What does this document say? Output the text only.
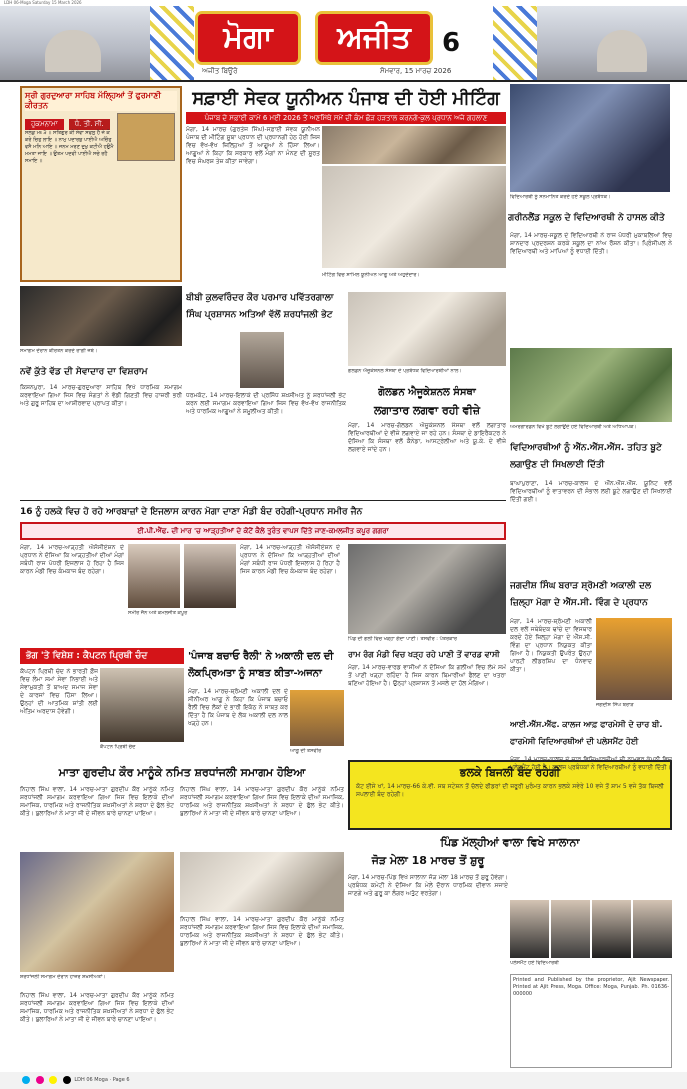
LDH 06-Moga Saturday 15 March 2026
ਮੋਗਾ	ਅਜੀਤ
ਅਜੀਤ ਬਿਊਰੋ	ਸੋਮਵਾਰ, 15 ਮਾਰਚ 2026
6
ਸ੍ਰੀ ਗੁਰਦੁਆਰਾ ਸਾਹਿਬ ਮੱਲ੍ਹਿਆਂ ਤੋਂ ਫੁਰਮਾਣੀ ਕੀਰਤਨ
ਹੁਕਮਨਾਮਾ ਧੰ. ਤੀ. ਸੀ.
ਸਲੋਕੁ ਮਃ ੩ ॥ ਸਤਿਗੁਰ ਕੀ ਸੇਵਾ ਸਫਲੁ ਹੈ ਜੇ ਕੋ ਕਰੇ ਚਿਤੁ ਲਾਇ ॥ ਨਾਮੁ ਪਦਾਰਥੁ ਪਾਈਐ ਅਚਿੰਤੁ ਵਸੈ ਮਨਿ ਆਇ ॥ ਜਨਮ ਮਰਣ ਦੁਖੁ ਕਟੀਐ ਹਉਮੈ ਮਮਤਾ ਜਾਇ ॥ ਉਤਮ ਪਦਵੀ ਪਾਈਐ ਸਚੇ ਰਹੈ ਸਮਾਇ ॥
ਸਫ਼ਾਈ ਸੇਵਕ ਯੂਨੀਅਨ ਪੰਜਾਬ ਦੀ ਹੋਈ ਮੀਟਿੰਗ
ਪੰਜਾਬ ਦੇ ਸਫ਼ਾਈ ਕਾਮੇ 6 ਮਈ 2026 ਤੋਂ ਅਣਮਿੱਥੇ ਸਮੇਂ ਦੀ ਕੰਮ ਛੋੜ ਹੜਤਾਲ ਕਰਨਗੇ-ਕੁਲ ਪ੍ਰਧਾਨ ਅਜੇ ਗਹਲਾਣ
ਮੋਗਾ, 14 ਮਾਰਚ (ਗੁਰਤੇਜ ਸਿੰਘ)-ਸਫ਼ਾਈ ਸੇਵਕ ਯੂਨੀਅਨ ਪੰਜਾਬ ਦੀ ਮੀਟਿੰਗ ਸੂਬਾ ਪ੍ਰਧਾਨ ਦੀ ਪ੍ਰਧਾਨਗੀ ਹੇਠ ਹੋਈ ਜਿਸ ਵਿਚ ਵੱਖ-ਵੱਖ ਜ਼ਿਲ੍ਹਿਆਂ ਤੋਂ ਆਗੂਆਂ ਨੇ ਹਿੱਸਾ ਲਿਆ। ਆਗੂਆਂ ਨੇ ਕਿਹਾ ਕਿ ਸਰਕਾਰ ਵਲੋਂ ਮੰਗਾਂ ਨਾ ਮੰਨਣ ਦੀ ਸੂਰਤ ਵਿਚ ਸੰਘਰਸ਼ ਤੇਜ਼ ਕੀਤਾ ਜਾਵੇਗਾ।
ਮੀਟਿੰਗ ਵਿਚ ਸ਼ਾਮਿਲ ਯੂਨੀਅਨ ਆਗੂ ਅਤੇ ਅਹੁਦੇਦਾਰ।
ਵਿਦਿਆਰਥੀ ਨੂੰ ਸਨਮਾਨਿਤ ਕਰਦੇ ਹੋਏ ਸਕੂਲ ਪ੍ਰਬੰਧਕ।
ਗਰੀਨਲੈਂਡ ਸਕੂਲ ਦੇ ਵਿਦਿਆਰਥੀ ਨੇ ਹਾਸਲ ਕੀਤੇ
ਮੋਗਾ, 14 ਮਾਰਚ-ਸਕੂਲ ਦੇ ਵਿਦਿਆਰਥੀ ਨੇ ਰਾਜ ਪੱਧਰੀ ਮੁਕਾਬਲਿਆਂ ਵਿਚ ਸ਼ਾਨਦਾਰ ਪ੍ਰਦਰਸ਼ਨ ਕਰਕੇ ਸਕੂਲ ਦਾ ਨਾਂਅ ਰੌਸ਼ਨ ਕੀਤਾ। ਪ੍ਰਿੰਸੀਪਲ ਨੇ ਵਿਦਿਆਰਥੀ ਅਤੇ ਮਾਪਿਆਂ ਨੂੰ ਵਧਾਈ ਦਿੱਤੀ।
ਸਮਾਗਮ ਦੌਰਾਨ ਕੀਰਤਨ ਕਰਦੇ ਰਾਗੀ ਜਥੇ।
ਨਵੇਂ ਕੁੱਤੇ ਵੱਡ ਦੀ ਸੇਵਾਦਾਰ ਦਾ ਵਿਸ਼ਰਾਮ
ਕਿਸ਼ਨਪੁਰਾ, 14 ਮਾਰਚ-ਗੁਰਦੁਆਰਾ ਸਾਹਿਬ ਵਿਖੇ ਧਾਰਮਿਕ ਸਮਾਗਮ ਕਰਵਾਇਆ ਗਿਆ ਜਿਸ ਵਿਚ ਸੰਗਤਾਂ ਨੇ ਵੱਡੀ ਗਿਣਤੀ ਵਿਚ ਹਾਜ਼ਰੀ ਭਰੀ ਅਤੇ ਗੁਰੂ ਸਾਹਿਬ ਦਾ ਆਸ਼ੀਰਵਾਦ ਪ੍ਰਾਪਤ ਕੀਤਾ।
ਬੀਬੀ ਕੁਲਵਰਿੰਦਰ ਕੌਰ ਪਰਮਾਰ ਪਵਿੱਤਰਗਾਲਾ ਸਿੰਘ ਪ੍ਰਸ਼ਾਸਨ ਅਤਿਆਂ ਵੱਲੋਂ ਸ਼ਰਧਾਂਜਲੀ ਭੇਟ
ਧਰਮਕੋਟ, 14 ਮਾਰਚ-ਇਲਾਕੇ ਦੀ ਪ੍ਰਸਿੱਧ ਸ਼ਖ਼ਸੀਅਤ ਨੂੰ ਸ਼ਰਧਾਂਜਲੀ ਭੇਟ ਕਰਨ ਲਈ ਸਮਾਗਮ ਕਰਵਾਇਆ ਗਿਆ ਜਿਸ ਵਿਚ ਵੱਖ-ਵੱਖ ਰਾਜਨੀਤਿਕ ਅਤੇ ਧਾਰਮਿਕ ਆਗੂਆਂ ਨੇ ਸ਼ਮੂਲੀਅਤ ਕੀਤੀ।
ਗੋਲਡਨ ਐਜੂਕੇਸ਼ਨਲ ਸੰਸਥਾ ਦੇ ਪ੍ਰਬੰਧਕ ਵਿਦਿਆਰਥੀਆਂ ਨਾਲ।
ਗੋਲਡਨ ਐਜੂਕੇਸ਼ਨਲ ਸੰਸਥਾ
ਲਗਾਤਾਰ ਲਗਵਾ ਰਹੀ ਵੀਜ਼ੇ
ਮੋਗਾ, 14 ਮਾਰਚ-ਗੋਲਡਨ ਐਜੂਕੇਸ਼ਨਲ ਸੰਸਥਾ ਵਲੋਂ ਲਗਾਤਾਰ ਵਿਦਿਆਰਥੀਆਂ ਦੇ ਵੀਜ਼ੇ ਲਗਵਾਏ ਜਾ ਰਹੇ ਹਨ। ਸੰਸਥਾ ਦੇ ਡਾਇਰੈਕਟਰ ਨੇ ਦੱਸਿਆ ਕਿ ਸੰਸਥਾ ਵਲੋਂ ਕੈਨੇਡਾ, ਆਸਟ੍ਰੇਲੀਆ ਅਤੇ ਯੂ.ਕੇ. ਦੇ ਵੀਜ਼ੇ ਲਗਵਾਏ ਜਾਂਦੇ ਹਨ।
ਅਮਰਗਾਰਡਨ ਵਿਖੇ ਬੂਟੇ ਲਗਾਉਂਦੇ ਹੋਏ ਵਿਦਿਆਰਥੀ ਅਤੇ ਅਧਿਆਪਕ।
ਵਿਦਿਆਰਥੀਆਂ ਨੂੰ ਐੱਨ.ਐੱਸ.ਐੱਸ. ਤਹਿਤ ਬੂਟੇ ਲਗਾਉਣ ਦੀ ਸਿਖਲਾਈ ਦਿੱਤੀ
ਬਾਘਾਪੁਰਾਣਾ, 14 ਮਾਰਚ-ਕਾਲਜ ਦੇ ਐੱਨ.ਐੱਸ.ਐੱਸ. ਯੂਨਿਟ ਵਲੋਂ ਵਿਦਿਆਰਥੀਆਂ ਨੂੰ ਵਾਤਾਵਰਨ ਦੀ ਸੰਭਾਲ ਲਈ ਬੂਟੇ ਲਗਾਉਣ ਦੀ ਸਿਖਲਾਈ ਦਿੱਤੀ ਗਈ।
16 ਨੂੰ ਹਲਕੇ ਵਿਚ ਹੋ ਰਹੇ ਆਰਬਾਜ਼ਾਂ ਦੇ ਇਜਲਾਸ ਕਾਰਨ ਮੋਗਾ ਦਾਣਾ ਮੰਡੀ ਬੰਦ ਰਹੇਗੀ-ਪ੍ਰਧਾਨ ਸਮੀਰ ਜੈਨ
ਈ.ਪੀ.ਐੱਫ. ਦੀ ਮਾਰ 'ਚ ਆੜ੍ਹਤੀਆਂ ਦੇ ਕੋਟੋਂ ਕੈਲੇ ਤੁਰੰਤ ਵਾਪਸ ਦਿੱਤੇ ਜਾਣ-ਕਮਲਜੀਤ ਕਪੂਰ ਗਗਰਾ
ਮੋਗਾ, 14 ਮਾਰਚ-ਆੜ੍ਹਤੀ ਐਸੋਸੀਏਸ਼ਨ ਦੇ ਪ੍ਰਧਾਨ ਨੇ ਦੱਸਿਆ ਕਿ ਆੜ੍ਹਤੀਆਂ ਦੀਆਂ ਮੰਗਾਂ ਸਬੰਧੀ ਰਾਜ ਪੱਧਰੀ ਇਜਲਾਸ ਹੋ ਰਿਹਾ ਹੈ ਜਿਸ ਕਾਰਨ ਮੰਡੀ ਵਿਚ ਕੰਮਕਾਜ ਬੰਦ ਰਹੇਗਾ।
ਸਮੀਰ ਜੈਨ ਅਤੇ ਕਮਲਜੀਤ ਕਪੂਰ
ਮੋਗਾ, 14 ਮਾਰਚ-ਆੜ੍ਹਤੀ ਐਸੋਸੀਏਸ਼ਨ ਦੇ ਪ੍ਰਧਾਨ ਨੇ ਦੱਸਿਆ ਕਿ ਆੜ੍ਹਤੀਆਂ ਦੀਆਂ ਮੰਗਾਂ ਸਬੰਧੀ ਰਾਜ ਪੱਧਰੀ ਇਜਲਾਸ ਹੋ ਰਿਹਾ ਹੈ ਜਿਸ ਕਾਰਨ ਮੰਡੀ ਵਿਚ ਕੰਮਕਾਜ ਬੰਦ ਰਹੇਗਾ।
ਪਿੰਡ ਦੀ ਗਲੀ ਵਿਚ ਖੜ੍ਹਾ ਗੰਦਾ ਪਾਣੀ। ਤਸਵੀਰ : ਪੱਤਰਕਾਰ
ਰਾਮ ਰੰਗ ਮੰਡੀ ਵਿਚ ਖੜ੍ਹ ਰਹੇ ਪਾਣੀ ਤੋਂ ਵਾਰਡ ਵਾਸੀ
ਮੋਗਾ, 14 ਮਾਰਚ-ਵਾਰਡ ਵਾਸੀਆਂ ਨੇ ਦੱਸਿਆ ਕਿ ਗਲੀਆਂ ਵਿਚ ਲੰਮੇ ਸਮੇਂ ਤੋਂ ਪਾਣੀ ਖੜ੍ਹਾ ਰਹਿੰਦਾ ਹੈ ਜਿਸ ਕਾਰਨ ਬਿਮਾਰੀਆਂ ਫੈਲਣ ਦਾ ਖਤਰਾ ਬਣਿਆ ਹੋਇਆ ਹੈ। ਉਨ੍ਹਾਂ ਪ੍ਰਸ਼ਾਸਨ ਤੋਂ ਮਸਲੇ ਦਾ ਹੱਲ ਮੰਗਿਆ।
ਭੋਗ 'ਤੇ ਵਿਸ਼ੇਸ਼ : ਕੈਪਟਨ ਪ੍ਰਿਥੀ ਚੰਦ
ਕੈਪਟਨ ਪ੍ਰਿਥੀ ਚੰਦ ਨੇ ਭਾਰਤੀ ਫ਼ੌਜ ਵਿਚ ਲੰਮਾ ਸਮਾਂ ਸੇਵਾ ਨਿਭਾਈ ਅਤੇ ਸੇਵਾਮੁਕਤੀ ਤੋਂ ਬਾਅਦ ਸਮਾਜ ਸੇਵਾ ਦੇ ਕਾਰਜਾਂ ਵਿਚ ਹਿੱਸਾ ਲਿਆ। ਉਨ੍ਹਾਂ ਦੀ ਆਤਮਿਕ ਸ਼ਾਂਤੀ ਲਈ ਅੰਤਿਮ ਅਰਦਾਸ ਹੋਵੇਗੀ।
ਕੈਪਟਨ ਪ੍ਰਿਥੀ ਚੰਦ
'ਪੰਜਾਬ ਬਚਾਓ ਰੈਲੀ' ਨੇ ਅਕਾਲੀ ਦਲ ਦੀ ਲੋਕਪ੍ਰਿਅਤਾ ਨੂੰ ਸਾਬਤ ਕੀਤਾ-ਅਜਨਾ
ਮੋਗਾ, 14 ਮਾਰਚ-ਸ਼੍ਰੋਮਣੀ ਅਕਾਲੀ ਦਲ ਦੇ ਸੀਨੀਅਰ ਆਗੂ ਨੇ ਕਿਹਾ ਕਿ ਪੰਜਾਬ ਬਚਾਓ ਰੈਲੀ ਵਿਚ ਲੋਕਾਂ ਦੇ ਭਾਰੀ ਇਕੱਠ ਨੇ ਸਾਬਤ ਕਰ ਦਿੱਤਾ ਹੈ ਕਿ ਪੰਜਾਬ ਦੇ ਲੋਕ ਅਕਾਲੀ ਦਲ ਨਾਲ ਖੜ੍ਹੇ ਹਨ।
ਆਗੂ ਦੀ ਤਸਵੀਰ
ਜਗਦੀਸ਼ ਸਿੰਘ ਬਰਾੜ ਸ਼੍ਰੋਮਣੀ ਅਕਾਲੀ ਦਲ ਜ਼ਿਲ੍ਹਾ ਮੋਗਾ ਦੇ ਐੱਸ.ਸੀ. ਵਿੰਗ ਦੇ ਪ੍ਰਧਾਨ
ਮੋਗਾ, 14 ਮਾਰਚ-ਸ਼੍ਰੋਮਣੀ ਅਕਾਲੀ ਦਲ ਵਲੋਂ ਜਥੇਬੰਦਕ ਢਾਂਚੇ ਦਾ ਵਿਸਥਾਰ ਕਰਦੇ ਹੋਏ ਜ਼ਿਲ੍ਹਾ ਮੋਗਾ ਦੇ ਐੱਸ.ਸੀ. ਵਿੰਗ ਦਾ ਪ੍ਰਧਾਨ ਨਿਯੁਕਤ ਕੀਤਾ ਗਿਆ ਹੈ। ਨਿਯੁਕਤੀ ਉਪਰੰਤ ਉਨ੍ਹਾਂ ਪਾਰਟੀ ਲੀਡਰਸ਼ਿਪ ਦਾ ਧੰਨਵਾਦ ਕੀਤਾ।
ਜਗਦੀਸ਼ ਸਿੰਘ ਬਰਾੜ
ਭਲਕੇ ਬਿਜਲੀ ਬੰਦ ਰਹੇਗੀ
ਕੋਟ ਈਸੇ ਖਾਂ, 14 ਮਾਰਚ-66 ਕੇ.ਵੀ. ਸਬ ਸਟੇਸ਼ਨ ਤੋਂ ਚੱਲਦੇ ਫੀਡਰਾਂ ਦੀ ਜ਼ਰੂਰੀ ਮੁਰੰਮਤ ਕਾਰਨ ਭਲਕੇ ਸਵੇਰੇ 10 ਵਜੇ ਤੋਂ ਸ਼ਾਮ 5 ਵਜੇ ਤੱਕ ਬਿਜਲੀ ਸਪਲਾਈ ਬੰਦ ਰਹੇਗੀ।
ਆਈ.ਐੱਸ.ਐੱਫ. ਕਾਲਜ ਆਫ਼ ਫਾਰਮੇਸੀ ਦੇ ਚਾਰ ਬੀ. ਫਾਰਮੇਸੀ ਵਿਦਿਆਰਥੀਆਂ ਦੀ ਪਲੇਸਮੈਂਟ ਹੋਈ
ਮਾਤਾ ਗੁਰਦੀਪ ਕੌਰ ਮਾਨੂੰਕੇ ਨਮਿਤ ਸ਼ਰਧਾਂਜਲੀ ਸਮਾਗਮ ਹੋਇਆ
ਨਿਹਾਲ ਸਿੰਘ ਵਾਲਾ, 14 ਮਾਰਚ-ਮਾਤਾ ਗੁਰਦੀਪ ਕੌਰ ਮਾਨੂੰਕੇ ਨਮਿਤ ਸ਼ਰਧਾਂਜਲੀ ਸਮਾਗਮ ਕਰਵਾਇਆ ਗਿਆ ਜਿਸ ਵਿਚ ਇਲਾਕੇ ਦੀਆਂ ਸਮਾਜਿਕ, ਧਾਰਮਿਕ ਅਤੇ ਰਾਜਨੀਤਿਕ ਸ਼ਖ਼ਸੀਅਤਾਂ ਨੇ ਸ਼ਰਧਾ ਦੇ ਫੁੱਲ ਭੇਟ ਕੀਤੇ। ਬੁਲਾਰਿਆਂ ਨੇ ਮਾਤਾ ਜੀ ਦੇ ਜੀਵਨ ਬਾਰੇ ਚਾਨਣਾ ਪਾਇਆ।
ਨਿਹਾਲ ਸਿੰਘ ਵਾਲਾ, 14 ਮਾਰਚ-ਮਾਤਾ ਗੁਰਦੀਪ ਕੌਰ ਮਾਨੂੰਕੇ ਨਮਿਤ ਸ਼ਰਧਾਂਜਲੀ ਸਮਾਗਮ ਕਰਵਾਇਆ ਗਿਆ ਜਿਸ ਵਿਚ ਇਲਾਕੇ ਦੀਆਂ ਸਮਾਜਿਕ, ਧਾਰਮਿਕ ਅਤੇ ਰਾਜਨੀਤਿਕ ਸ਼ਖ਼ਸੀਅਤਾਂ ਨੇ ਸ਼ਰਧਾ ਦੇ ਫੁੱਲ ਭੇਟ ਕੀਤੇ। ਬੁਲਾਰਿਆਂ ਨੇ ਮਾਤਾ ਜੀ ਦੇ ਜੀਵਨ ਬਾਰੇ ਚਾਨਣਾ ਪਾਇਆ।
ਸ਼ਰਧਾਂਜਲੀ ਸਮਾਗਮ ਦੌਰਾਨ ਹਾਜ਼ਰ ਸ਼ਖ਼ਸੀਅਤਾਂ।
ਨਿਹਾਲ ਸਿੰਘ ਵਾਲਾ, 14 ਮਾਰਚ-ਮਾਤਾ ਗੁਰਦੀਪ ਕੌਰ ਮਾਨੂੰਕੇ ਨਮਿਤ ਸ਼ਰਧਾਂਜਲੀ ਸਮਾਗਮ ਕਰਵਾਇਆ ਗਿਆ ਜਿਸ ਵਿਚ ਇਲਾਕੇ ਦੀਆਂ ਸਮਾਜਿਕ, ਧਾਰਮਿਕ ਅਤੇ ਰਾਜਨੀਤਿਕ ਸ਼ਖ਼ਸੀਅਤਾਂ ਨੇ ਸ਼ਰਧਾ ਦੇ ਫੁੱਲ ਭੇਟ ਕੀਤੇ। ਬੁਲਾਰਿਆਂ ਨੇ ਮਾਤਾ ਜੀ ਦੇ ਜੀਵਨ ਬਾਰੇ ਚਾਨਣਾ ਪਾਇਆ।
ਨਿਹਾਲ ਸਿੰਘ ਵਾਲਾ, 14 ਮਾਰਚ-ਮਾਤਾ ਗੁਰਦੀਪ ਕੌਰ ਮਾਨੂੰਕੇ ਨਮਿਤ ਸ਼ਰਧਾਂਜਲੀ ਸਮਾਗਮ ਕਰਵਾਇਆ ਗਿਆ ਜਿਸ ਵਿਚ ਇਲਾਕੇ ਦੀਆਂ ਸਮਾਜਿਕ, ਧਾਰਮਿਕ ਅਤੇ ਰਾਜਨੀਤਿਕ ਸ਼ਖ਼ਸੀਅਤਾਂ ਨੇ ਸ਼ਰਧਾ ਦੇ ਫੁੱਲ ਭੇਟ ਕੀਤੇ। ਬੁਲਾਰਿਆਂ ਨੇ ਮਾਤਾ ਜੀ ਦੇ ਜੀਵਨ ਬਾਰੇ ਚਾਨਣਾ ਪਾਇਆ।
ਪਿੰਡ ਮੱਲ੍ਹੀਆਂ ਵਾਲਾ ਵਿਖੇ ਸਾਲਾਨਾ
ਜੋੜ ਮੇਲਾ 18 ਮਾਰਚ ਤੋਂ ਸ਼ੁਰੂ
ਮੋਗਾ, 14 ਮਾਰਚ-ਪਿੰਡ ਵਿਖੇ ਸਾਲਾਨਾ ਜੋੜ ਮੇਲਾ 18 ਮਾਰਚ ਤੋਂ ਸ਼ੁਰੂ ਹੋਵੇਗਾ। ਪ੍ਰਬੰਧਕ ਕਮੇਟੀ ਨੇ ਦੱਸਿਆ ਕਿ ਮੇਲੇ ਦੌਰਾਨ ਧਾਰਮਿਕ ਦੀਵਾਨ ਸਜਾਏ ਜਾਣਗੇ ਅਤੇ ਗੁਰੂ ਕਾ ਲੰਗਰ ਅਤੁੱਟ ਵਰਤੇਗਾ।
ਮੋਗਾ, 14 ਮਾਰਚ-ਕਾਲਜ ਦੇ ਚਾਰ ਵਿਦਿਆਰਥੀਆਂ ਦੀ ਨਾਮਵਰ ਕੰਪਨੀ ਵਿਚ ਪਲੇਸਮੈਂਟ ਹੋਈ ਹੈ। ਕਾਲਜ ਪ੍ਰਬੰਧਕਾਂ ਨੇ ਵਿਦਿਆਰਥੀਆਂ ਨੂੰ ਵਧਾਈ ਦਿੱਤੀ।
ਪਲੇਸਮੈਂਟ ਹੋਏ ਵਿਦਿਆਰਥੀ
Printed and Published by the proprietor, Ajit Newspaper. Printed at Ajit Press, Moga. Office: Moga, Punjab. Ph. 01636-000000
LDH 06 Moga · Page 6
